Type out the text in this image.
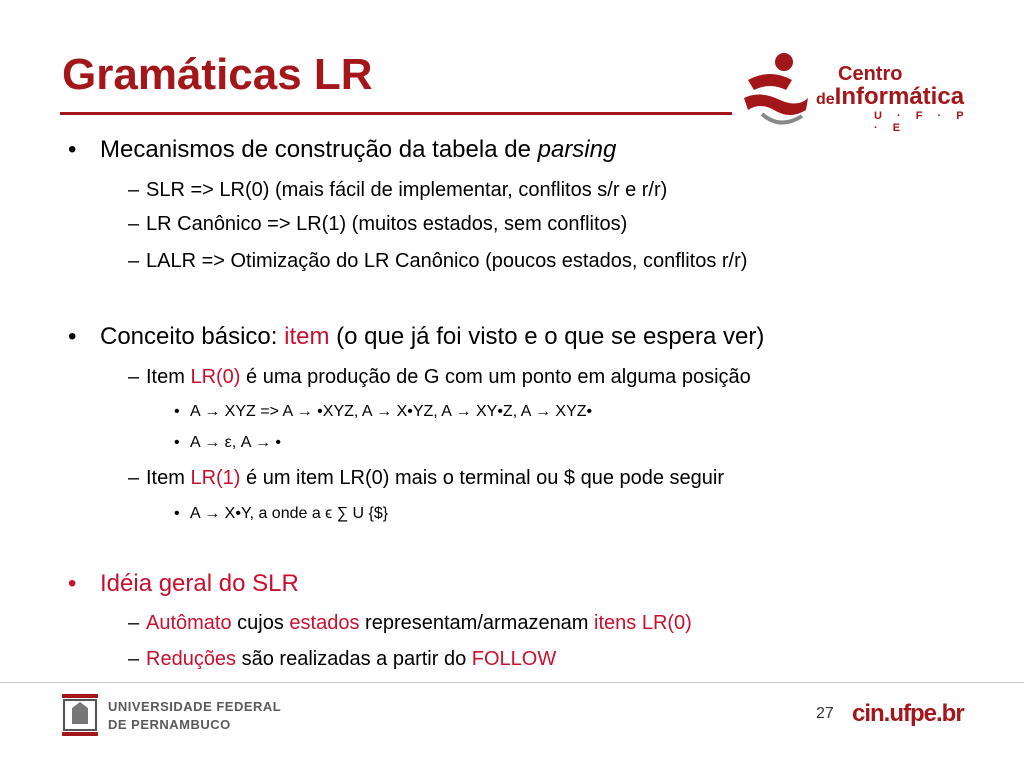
Gramáticas LR	Centro
deInformática
U · F · P · E
• Mecanismos de construção da tabela de parsing
– SLR => LR(0) (mais fácil de implementar, conflitos s/r e r/r)
– LR Canônico => LR(1) (muitos estados, sem conflitos)
– LALR => Otimização do LR Canônico (poucos estados, conflitos r/r)
• Conceito básico: item (o que já foi visto e o que se espera ver)
– Item LR(0) é uma produção de G com um ponto em alguma posição
• A → XYZ => A → •XYZ, A → X•YZ, A → XY•Z, A → XYZ•
• A → ε, A → •
– Item LR(1) é um item LR(0) mais o terminal ou $ que pode seguir
• A → X•Y, a onde a ϵ ∑ U {$}
• Idéia geral do SLR
– Autômato cujos estados representam/armazenam itens LR(0)
– Reduções são realizadas a partir do FOLLOW
UNIVERSIDADE FEDERAL
DE PERNAMBUCO
27 cin.ufpe.br
